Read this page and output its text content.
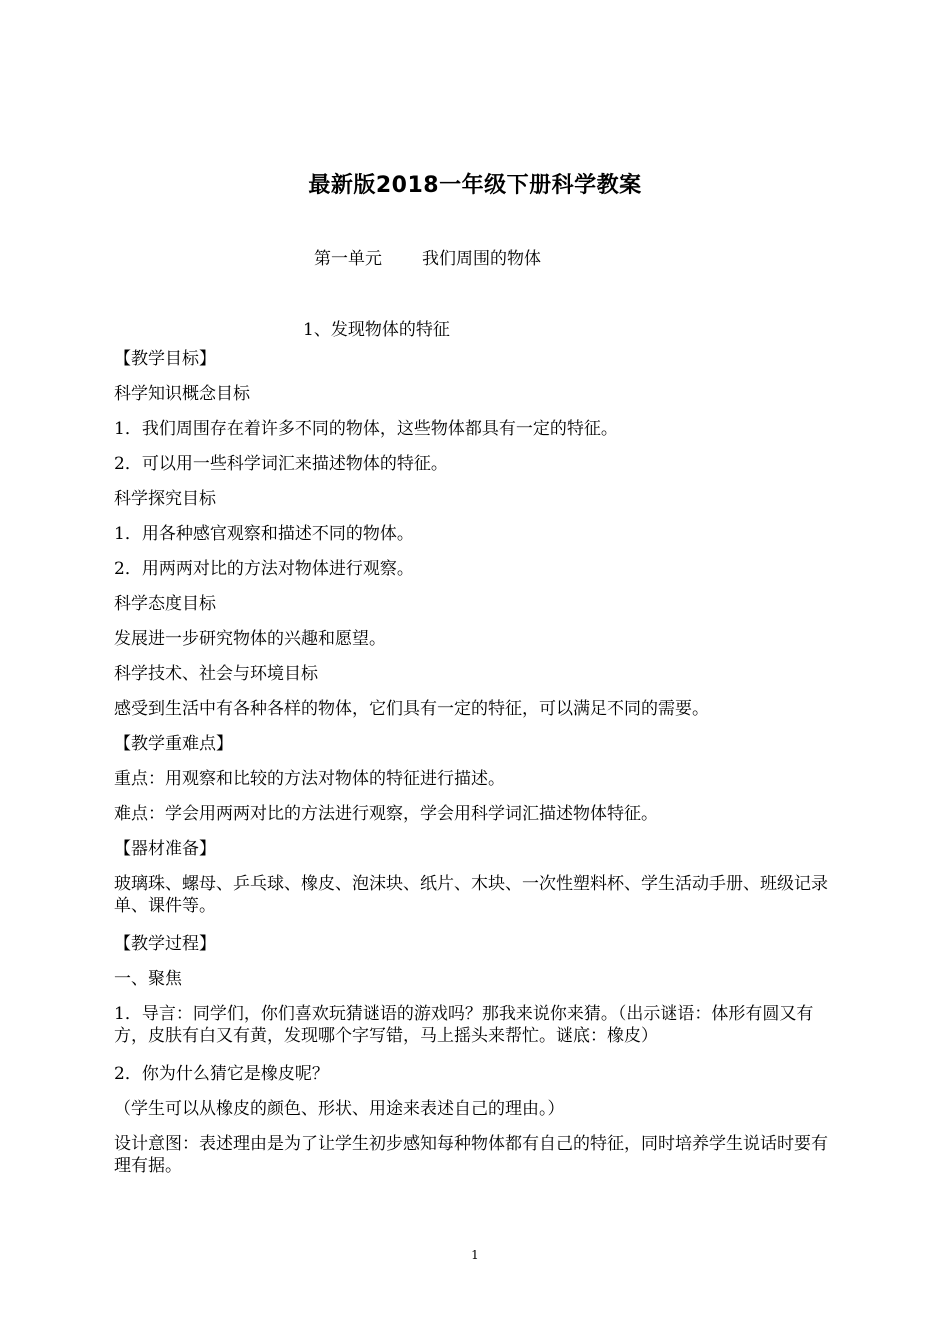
最新版2018一年级下册科学教案
第一单元 我们周围的物体
1、发现物体的特征

【教学目标】

科学知识概念目标

1．我们周围存在着许多不同的物体，这些物体都具有一定的特征。

2．可以用一些科学词汇来描述物体的特征。

科学探究目标

1．用各种感官观察和描述不同的物体。

2．用两两对比的方法对物体进行观察。

科学态度目标

发展进一步研究物体的兴趣和愿望。

科学技术、社会与环境目标

感受到生活中有各种各样的物体，它们具有一定的特征，可以满足不同的需要。

【教学重难点】

重点：用观察和比较的方法对物体的特征进行描述。

难点：学会用两两对比的方法进行观察，学会用科学词汇描述物体特征。

【器材准备】

玻璃珠、螺母、乒乓球、橡皮、泡沫块、纸片、木块、一次性塑料杯、学生活动手册、班级记录单、课件等。

【教学过程】

一、聚焦

1．导言：同学们，你们喜欢玩猜谜语的游戏吗？那我来说你来猜。（出示谜语：体形有圆又有方，皮肤有白又有黄，发现哪个字写错，马上摇头来帮忙。谜底：橡皮）

2．你为什么猜它是橡皮呢？

（学生可以从橡皮的颜色、形状、用途来表述自己的理由。）

设计意图：表述理由是为了让学生初步感知每种物体都有自己的特征，同时培养学生说话时要有理有据。

1
